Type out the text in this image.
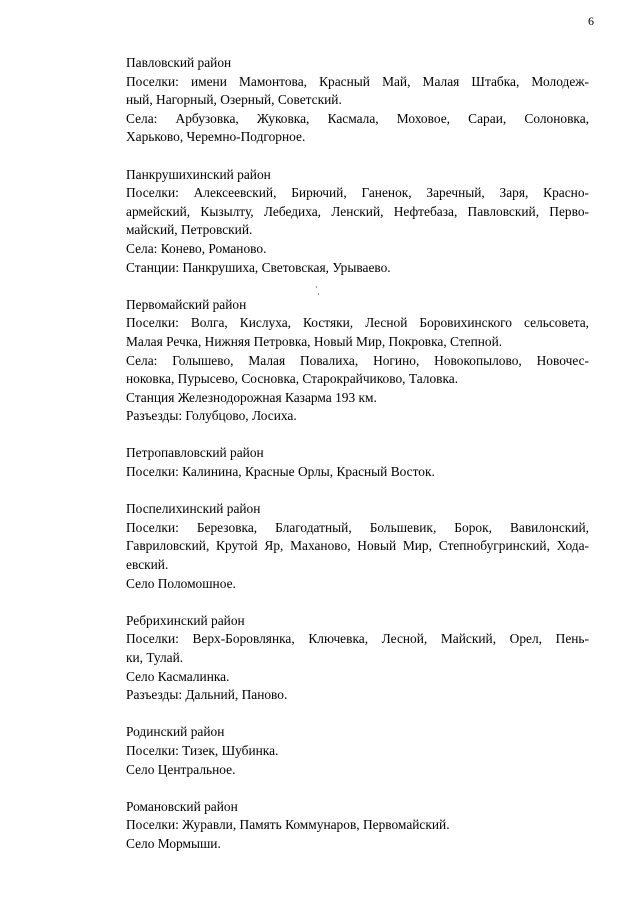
6
Павловский район
Поселки: имени Мамонтова, Красный Май, Малая Штабка, Молодеж-
ный, Нагорный, Озерный, Советский.
Села: Арбузовка, Жуковка, Касмала, Моховое, Сараи, Солоновка,
Харьково, Черемно-Подгорное.
Панкрушихинский район
Поселки: Алексеевский, Бирючий, Ганенок, Заречный, Заря, Красно-
армейский, Кызылту, Лебедиха, Ленский, Нефтебаза, Павловский, Перво-
майский, Петровский.
Села: Конево, Романово.
Станции: Панкрушиха, Световская, Урываево.
Первомайский район
Поселки: Волга, Кислуха, Костяки, Лесной Боровихинского сельсовета,
Малая Речка, Нижняя Петровка, Новый Мир, Покровка, Степной.
Села: Голышево, Малая Повалиха, Ногино, Новокопылово, Новочес-
ноковка, Пурысево, Сосновка, Старокрайчиково, Таловка.
Станция Железнодорожная Казарма 193 км.
Разъезды: Голубцово, Лосиха.
Петропавловский район
Поселки: Калинина, Красные Орлы, Красный Восток.
Поспелихинский район
Поселки: Березовка, Благодатный, Большевик, Борок, Вавилонский,
Гавриловский, Крутой Яр, Маханово, Новый Мир, Степнобугринский, Ходa-
евский.
Село Поломошное.
Ребрихинский район
Поселки: Верх-Боровлянка, Ключевка, Лесной, Майский, Орел, Пень-
ки, Тулай.
Село Касмалинка.
Разъезды: Дальний, Паново.
Родинский район
Поселки: Тизек, Шубинка.
Село Центральное.
Романовский район
Поселки: Журавли, Память Коммунаров, Первомайский.
Село Мормыши.
